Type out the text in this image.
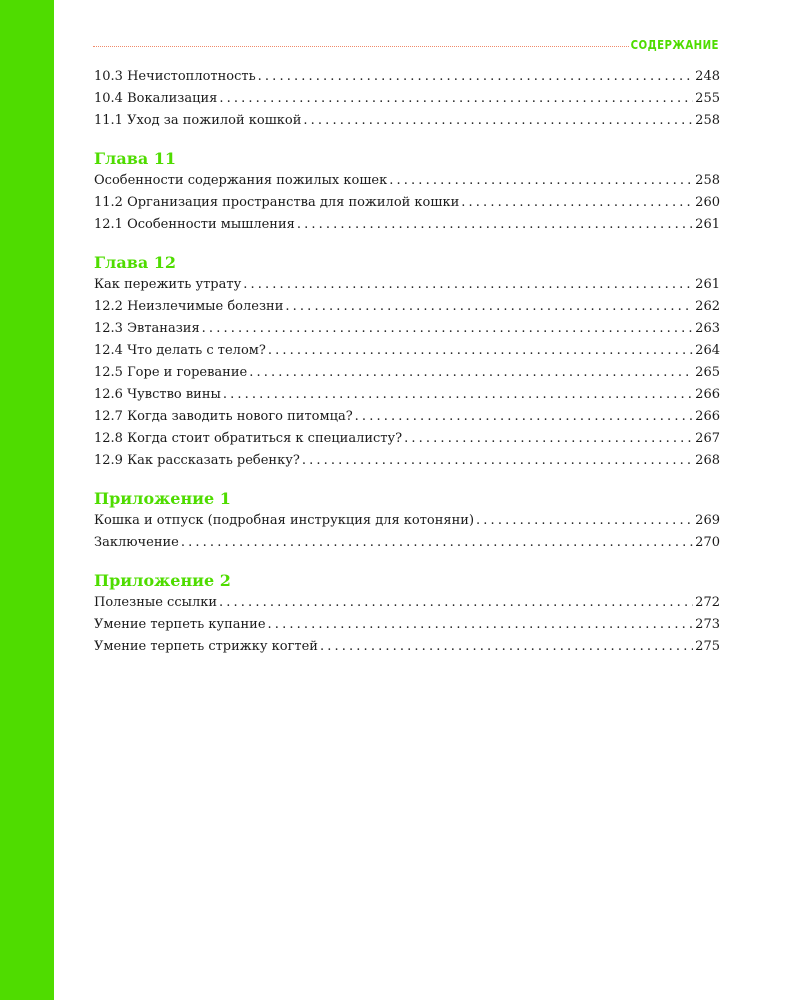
СОДЕРЖАНИЕ
10.3 Нечистоплотность . . .	248
10.4 Вокализация . . .	255
11.1 Уход за пожилой кошкой . . .	258
Глава 11
Особенности содержания пожилых кошек . . .	258
11.2 Организация пространства для пожилой кошки . . .	260
12.1 Особенности мышления . . .	261
Глава 12
Как пережить утрату . . .	261
12.2 Неизлечимые болезни . . .	262
12.3 Эвтаназия . . .	263
12.4 Что делать с телом? . . .	264
12.5 Горе и горевание . . .	265
12.6 Чувство вины . . .	266
12.7 Когда заводить нового питомца? . . .	266
12.8 Когда стоит обратиться к специалисту? . . .	267
12.9 Как рассказать ребенку? . . .	268
Приложение 1
Кошка и отпуск (подробная инструкция для котоняни) . . .	269
Заключение . . .	270
Приложение 2
Полезные ссылки . . .	272
Умение терпеть купание . . .	273
Умение терпеть стрижку когтей . . .	275
